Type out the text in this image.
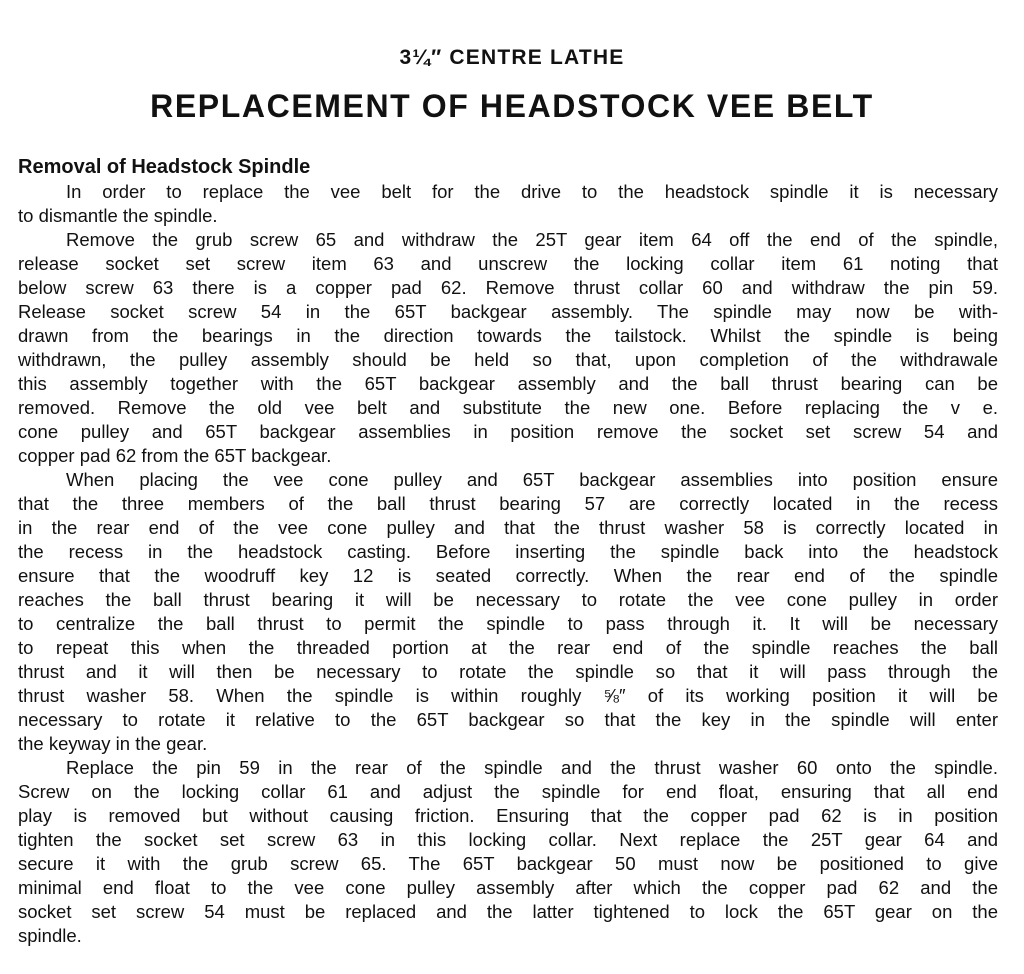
3¼″ CENTRE LATHE
REPLACEMENT OF HEADSTOCK VEE BELT
Removal of Headstock Spindle
In order to replace the vee belt for the drive to the headstock spindle it is necessary
to dismantle the spindle.
Remove the grub screw 65 and withdraw the 25T gear item 64 off the end of the spindle,
release socket set screw item 63 and unscrew the locking collar item 61 noting that
below screw 63 there is a copper pad 62. Remove thrust collar 60 and withdraw the pin 59.
Release socket screw 54 in the 65T backgear assembly. The spindle may now be with-
drawn from the bearings in the direction towards the tailstock. Whilst the spindle is being
withdrawn, the pulley assembly should be held so that, upon completion of the withdrawale
this assembly together with the 65T backgear assembly and the ball thrust bearing can be
removed. Remove the old vee belt and substitute the new one. Before replacing the v e.
cone pulley and 65T backgear assemblies in position remove the socket set screw 54 and
copper pad 62 from the 65T backgear.
When placing the vee cone pulley and 65T backgear assemblies into position ensure
that the three members of the ball thrust bearing 57 are correctly located in the recess
in the rear end of the vee cone pulley and that the thrust washer 58 is correctly located in
the recess in the headstock casting. Before inserting the spindle back into the headstock
ensure that the woodruff key 12 is seated correctly. When the rear end of the spindle
reaches the ball thrust bearing it will be necessary to rotate the vee cone pulley in order
to centralize the ball thrust to permit the spindle to pass through it. It will be necessary
to repeat this when the threaded portion at the rear end of the spindle reaches the ball
thrust and it will then be necessary to rotate the spindle so that it will pass through the
thrust washer 58. When the spindle is within roughly ⅝″ of its working position it will be
necessary to rotate it relative to the 65T backgear so that the key in the spindle will enter
the keyway in the gear.
Replace the pin 59 in the rear of the spindle and the thrust washer 60 onto the spindle.
Screw on the locking collar 61 and adjust the spindle for end float, ensuring that all end
play is removed but without causing friction. Ensuring that the copper pad 62 is in position
tighten the socket set screw 63 in this locking collar. Next replace the 25T gear 64 and
secure it with the grub screw 65. The 65T backgear 50 must now be positioned to give
minimal end float to the vee cone pulley assembly after which the copper pad 62 and the
socket set screw 54 must be replaced and the latter tightened to lock the 65T gear on the
spindle.
